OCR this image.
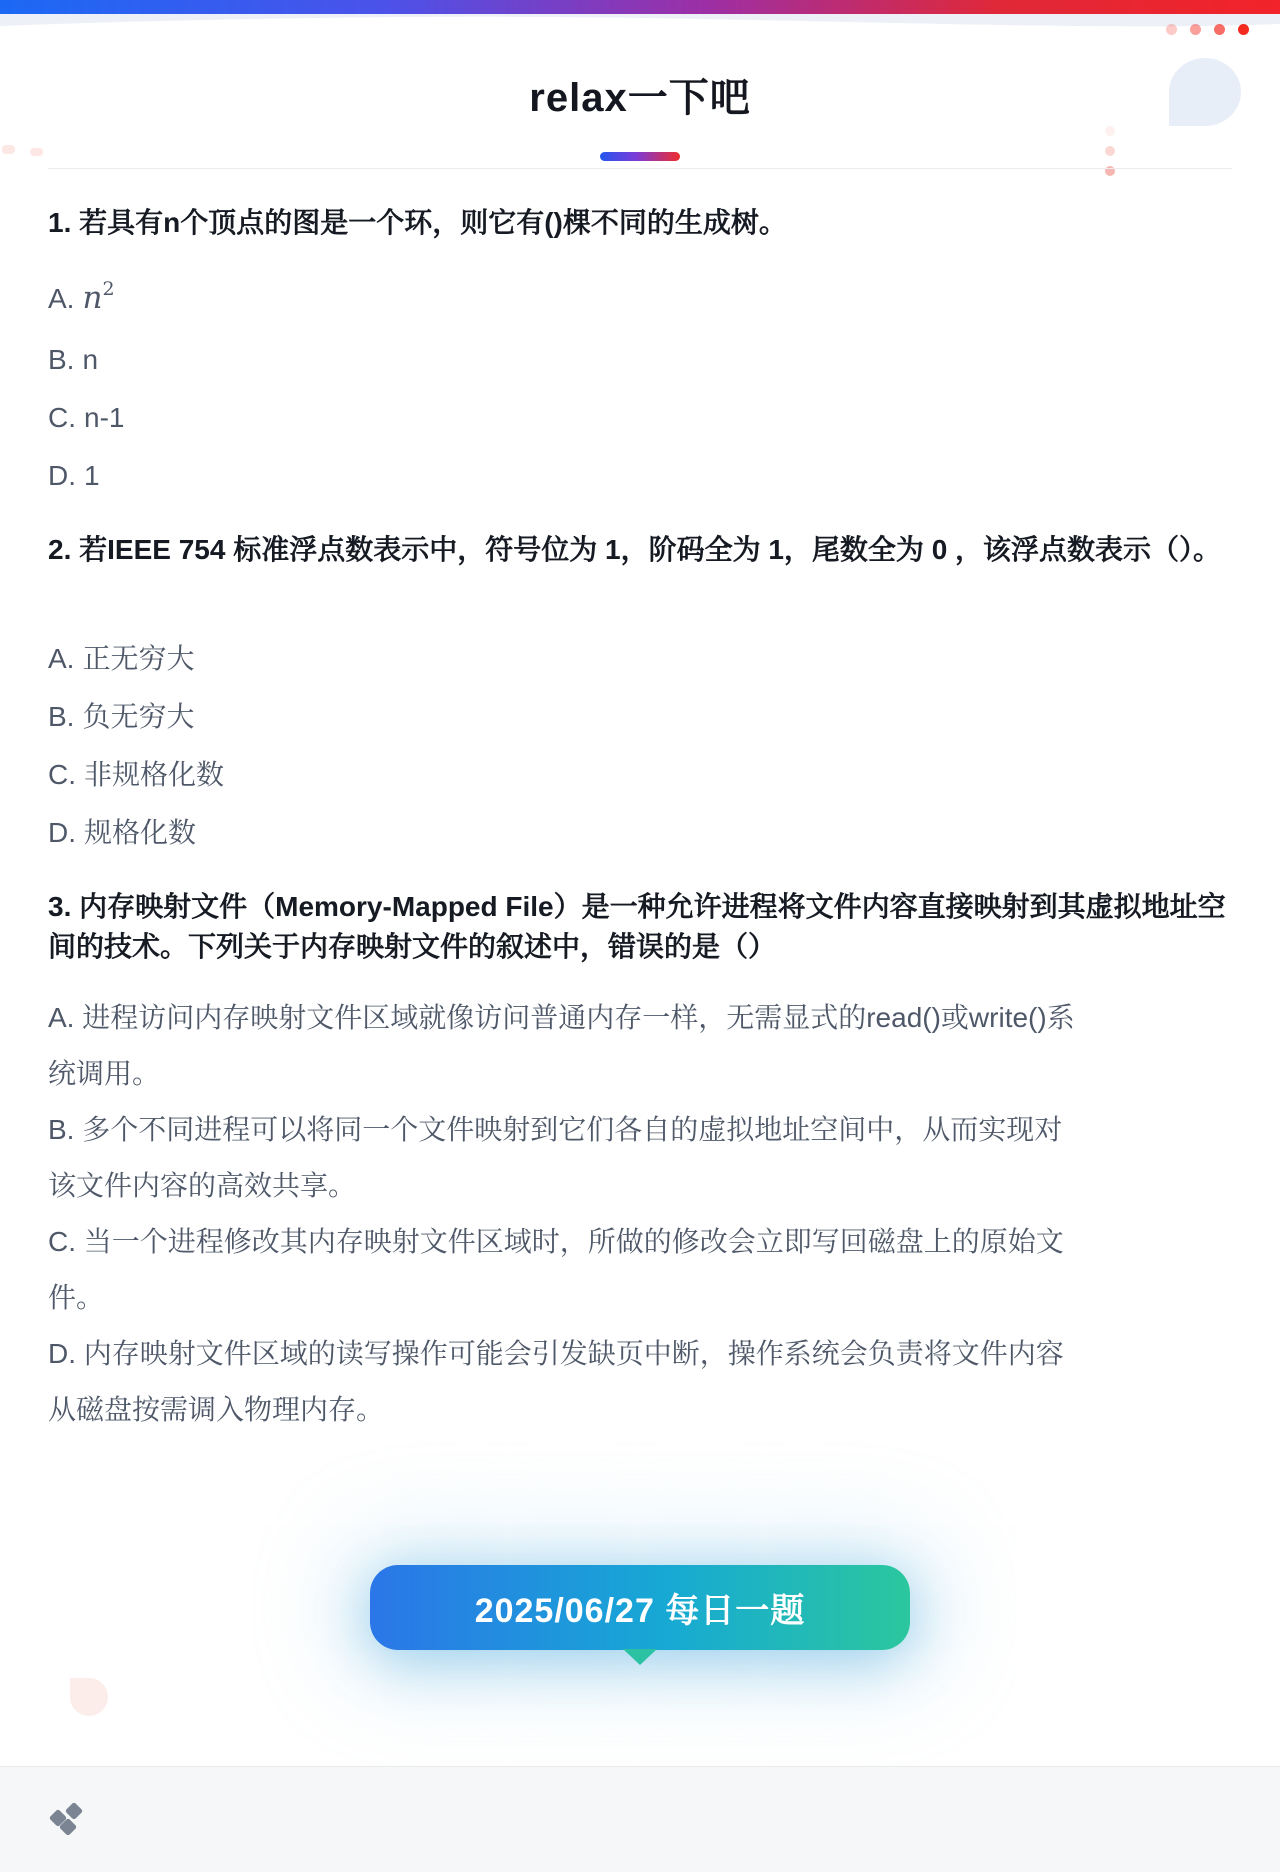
relax一下吧
1. 若具有n个顶点的图是一个环，则它有()棵不同的生成树。
A. $n^2$
B. n
C. n-1
D. 1
2. 若IEEE 754 标准浮点数表示中，符号位为 1，阶码全为 1，尾数全为 0 ，该浮点数表示（）。
A. 正无穷大
B. 负无穷大
C. 非规格化数
D. 规格化数
3. 内存映射文件（Memory-Mapped File）是一种允许进程将文件内容直接映射到其虚拟地址空
间的技术。下列关于内存映射文件的叙述中，错误的是（）

A. 进程访问内存映射文件区域就像访问普通内存一样，无需显式的read()或write()系
统调用。

B. 多个不同进程可以将同一个文件映射到它们各自的虚拟地址空间中，从而实现对
该文件内容的高效共享。

C. 当一个进程修改其内存映射文件区域时，所做的修改会立即写回磁盘上的原始文
件。

D. 内存映射文件区域的读写操作可能会引发缺页中断，操作系统会负责将文件内容
从磁盘按需调入物理内存。

2025/06/27 每日一题
